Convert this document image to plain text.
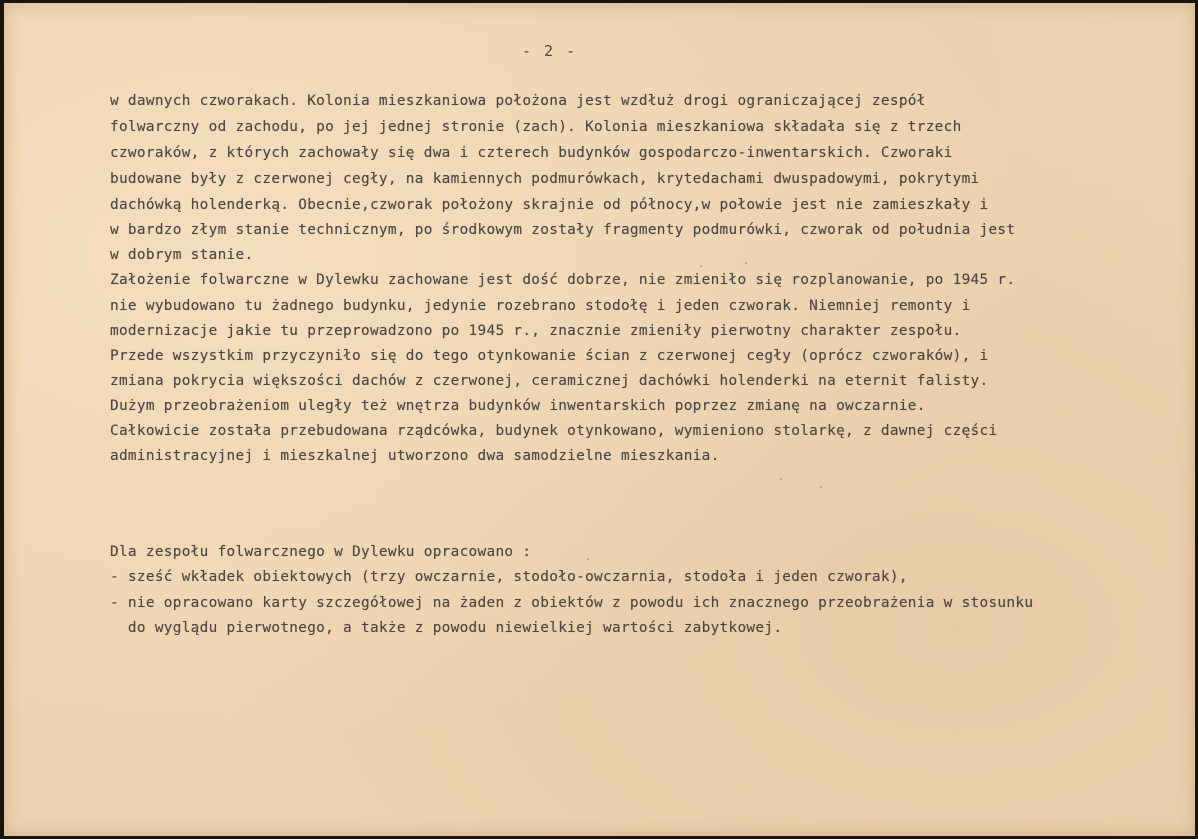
- 2 -
w dawnych czworakach. Kolonia mieszkaniowa położona jest wzdłuż drogi ograniczającej zespół
folwarczny od zachodu, po jej jednej stronie (zach). Kolonia mieszkaniowa składała się z trzech
czworaków, z których zachowały się dwa i czterech budynków gospodarczo-inwentarskich. Czworaki
budowane były z czerwonej cegły, na kamiennych podmurówkach, krytedachami dwuspadowymi, pokrytymi
dachówką holenderką. Obecnie,czworak położony skrajnie od północy,w połowie jest nie zamieszkały i
w bardzo złym stanie technicznym, po środkowym zostały fragmenty podmurówki, czworak od południa jest
w dobrym stanie.
Założenie folwarczne w Dylewku zachowane jest dość dobrze, nie zmieniło się rozplanowanie, po 1945 r.
nie wybudowano tu żadnego budynku, jedynie rozebrano stodołę i jeden czworak. Niemniej remonty i
modernizacje jakie tu przeprowadzono po 1945 r., znacznie zmieniły pierwotny charakter zespołu.
Przede wszystkim przyczyniło się do tego otynkowanie ścian z czerwonej cegły (oprócz czworaków), i
zmiana pokrycia większości dachów z czerwonej, ceramicznej dachówki holenderki na eternit falisty.
Dużym przeobrażeniom uległy też wnętrza budynków inwentarskich poprzez zmianę na owczarnie.
Całkowicie została przebudowana rządcówka, budynek otynkowano, wymieniono stolarkę, z dawnej części
administracyjnej i mieszkalnej utworzono dwa samodzielne mieszkania.
Dla zespołu folwarcznego w Dylewku opracowano :
- sześć wkładek obiektowych (trzy owczarnie, stodoło-owczarnia, stodoła i jeden czworak),
- nie opracowano karty szczegółowej na żaden z obiektów z powodu ich znacznego przeobrażenia w stosunku
do wyglądu pierwotnego, a także z powodu niewielkiej wartości zabytkowej.
